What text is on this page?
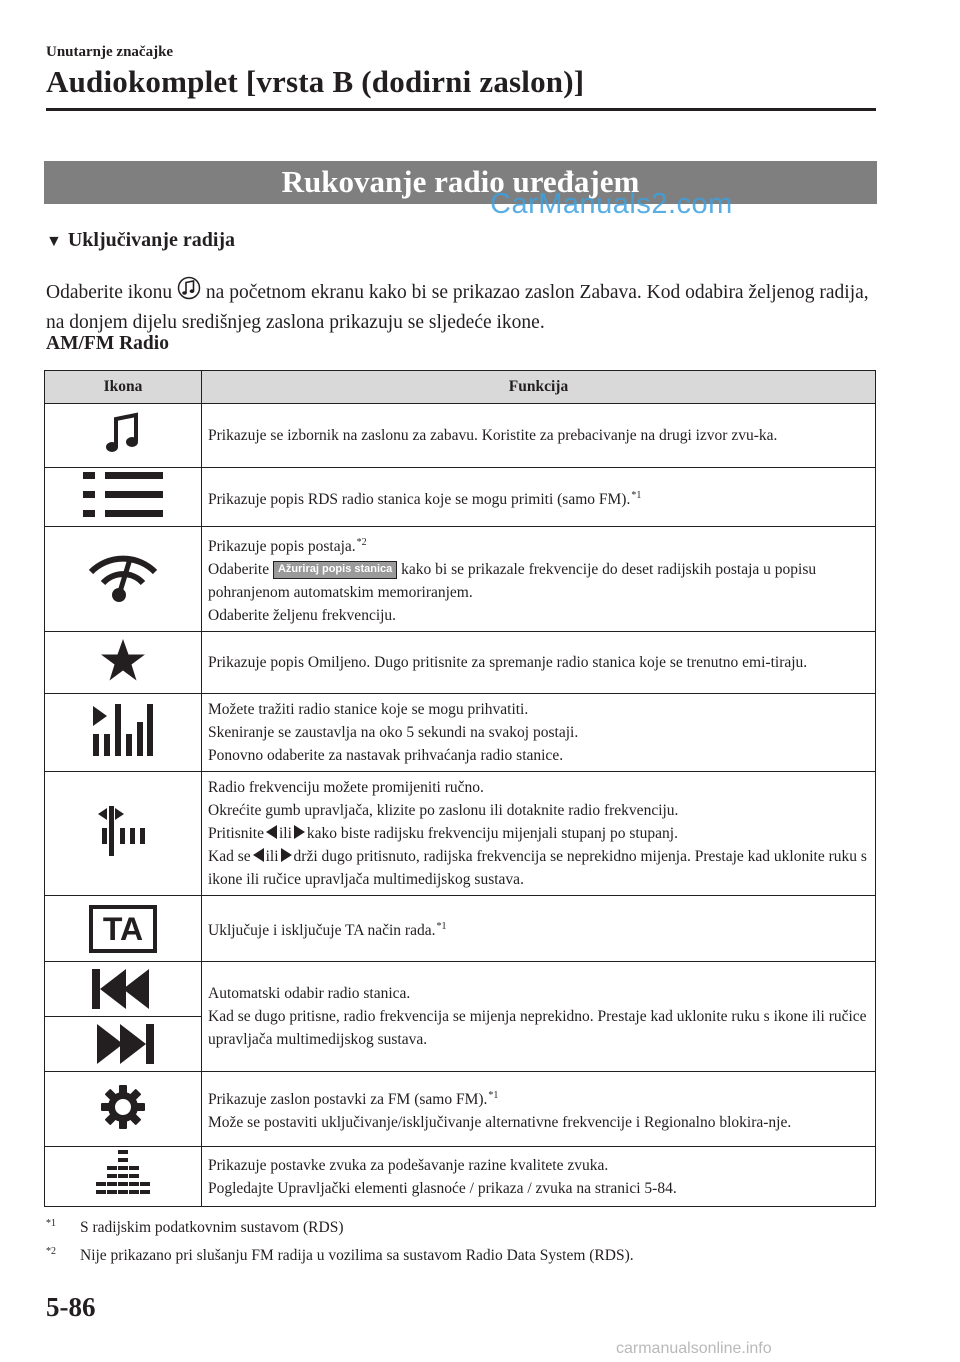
Unutarnje značajke
Audiokomplet [vrsta B (dodirni zaslon)]
Rukovanje radio uređajem
CarManuals2.com
▼ Uključivanje radija
Odaberite ikonu na početnom ekranu kako bi se prikazao zaslon Zabava. Kod odabira željenog radija, na donjem dijelu središnjeg zaslona prikazuju se sljedeće ikone.
AM/FM Radio
Ikona	Funkcija

Prikazuje se izbornik na zaslonu za zabavu. Koristite za prebacivanje na drugi izvor zvu-ka.

	Prikazuje popis RDS radio stanica koje se mogu primiti (samo FM).$^{*1}$

Prikazuje popis postaja.$^{*2}$
Odaberite Ažuriraj popis stanica kako bi se prikazale frekvencije do deset radijskih postaja u popisu pohranjenom automatskim memoriranjem.
Odaberite željenu frekvenciju.

Prikazuje popis Omiljeno. Dugo pritisnite za spremanje radio stanica koje se trenutno emi-tiraju.

Možete tražiti radio stanice koje se mogu prihvatiti.
Skeniranje se zaustavlja na oko 5 sekundi na svakoj postaji.
Ponovno odaberite za nastavak prihvaćanja radio stanice.

Radio frekvenciju možete promijeniti ručno.
Okrećite gumb upravljača, klizite po zaslonu ili dotaknite radio frekvenciju.
Pritisnite ili kako biste radijsku frekvenciju mijenjali stupanj po stupanj.
Kad se ili drži dugo pritisnuto, radijska frekvencija se neprekidno mijenja. Prestaje kad uklonite ruku s ikone ili ručice upravljača multimedijskog sustava.

TA	Uključuje i isključuje TA način rada.$^{*1}$

Automatski odabir radio stanica.
Kad se dugo pritisne, radio frekvencija se mijenja neprekidno. Prestaje kad uklonite ruku s ikone ili ručice upravljača multimedijskog sustava.

Prikazuje zaslon postavki za FM (samo FM).$^{*1}$
Može se postaviti uključivanje/isključivanje alternativne frekvencije i Regionalno blokira-nje.

Prikazuje postavke zvuka za podešavanje razine kvalitete zvuka.
Pogledajte Upravljački elementi glasnoće / prikaza / zvuka na stranici 5-84.
$^{*1}$ S radijskim podatkovnim sustavom (RDS)
$^{*2}$ Nije prikazano pri slušanju FM radija u vozilima sa sustavom Radio Data System (RDS).
5-86
carmanualsonline.info
